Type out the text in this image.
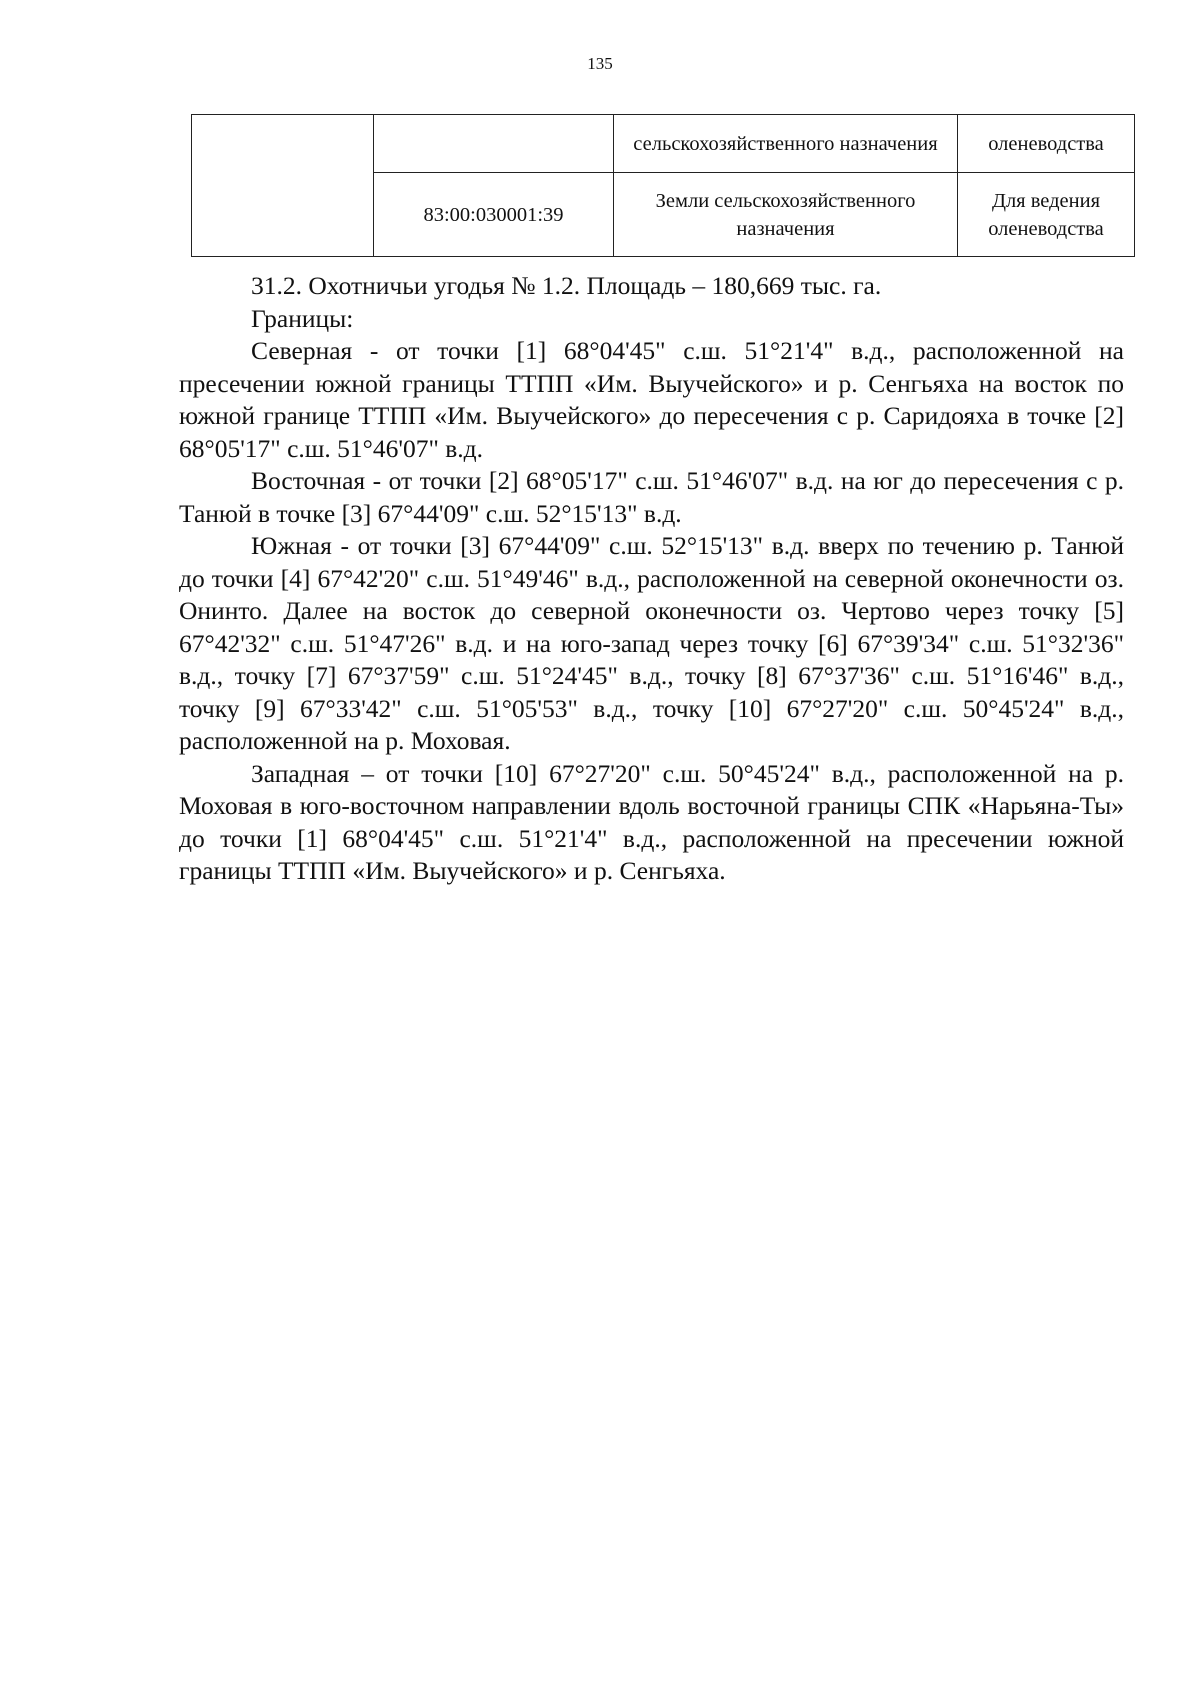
135
		сельскохозяйственного назначения	оленеводства
	83:00:030001:39	Земли сельскохозяйственного назначения	Для ведения оленеводства

31.2. Охотничьи угодья № 1.2. Площадь – 180,669 тыс. га.

Границы:

Северная - от точки [1] 68°04'45" с.ш. 51°21'4" в.д., расположенной на пресечении южной границы ТТПП «Им. Выучейского» и р. Сенгьяха на восток по южной границе ТТПП «Им. Выучейского» до пересечения с р. Саридояха в точке [2] 68°05'17" с.ш. 51°46'07" в.д.

Восточная - от точки [2] 68°05'17" с.ш. 51°46'07" в.д. на юг до пересечения с р. Танюй в точке [3] 67°44'09" с.ш. 52°15'13" в.д.

Южная - от точки [3] 67°44'09" с.ш. 52°15'13" в.д. вверх по течению р. Танюй до точки [4] 67°42'20" с.ш. 51°49'46" в.д., расположенной на северной оконечности оз. Онинто. Далее на восток до северной оконечности оз. Чертово через точку [5] 67°42'32" с.ш. 51°47'26" в.д. и на юго-запад через точку [6] 67°39'34" с.ш. 51°32'36" в.д., точку [7] 67°37'59" с.ш. 51°24'45" в.д., точку [8] 67°37'36" с.ш. 51°16'46" в.д., точку [9] 67°33'42" с.ш. 51°05'53" в.д., точку [10] 67°27'20" с.ш. 50°45'24" в.д., расположенной на р. Моховая.

Западная – от точки [10] 67°27'20" с.ш. 50°45'24" в.д., расположенной на р. Моховая в юго-восточном направлении вдоль восточной границы СПК «Нарьяна-Ты» до точки [1] 68°04'45" с.ш. 51°21'4" в.д., расположенной на пресечении южной границы ТТПП «Им. Выучейского» и р. Сенгьяха.
